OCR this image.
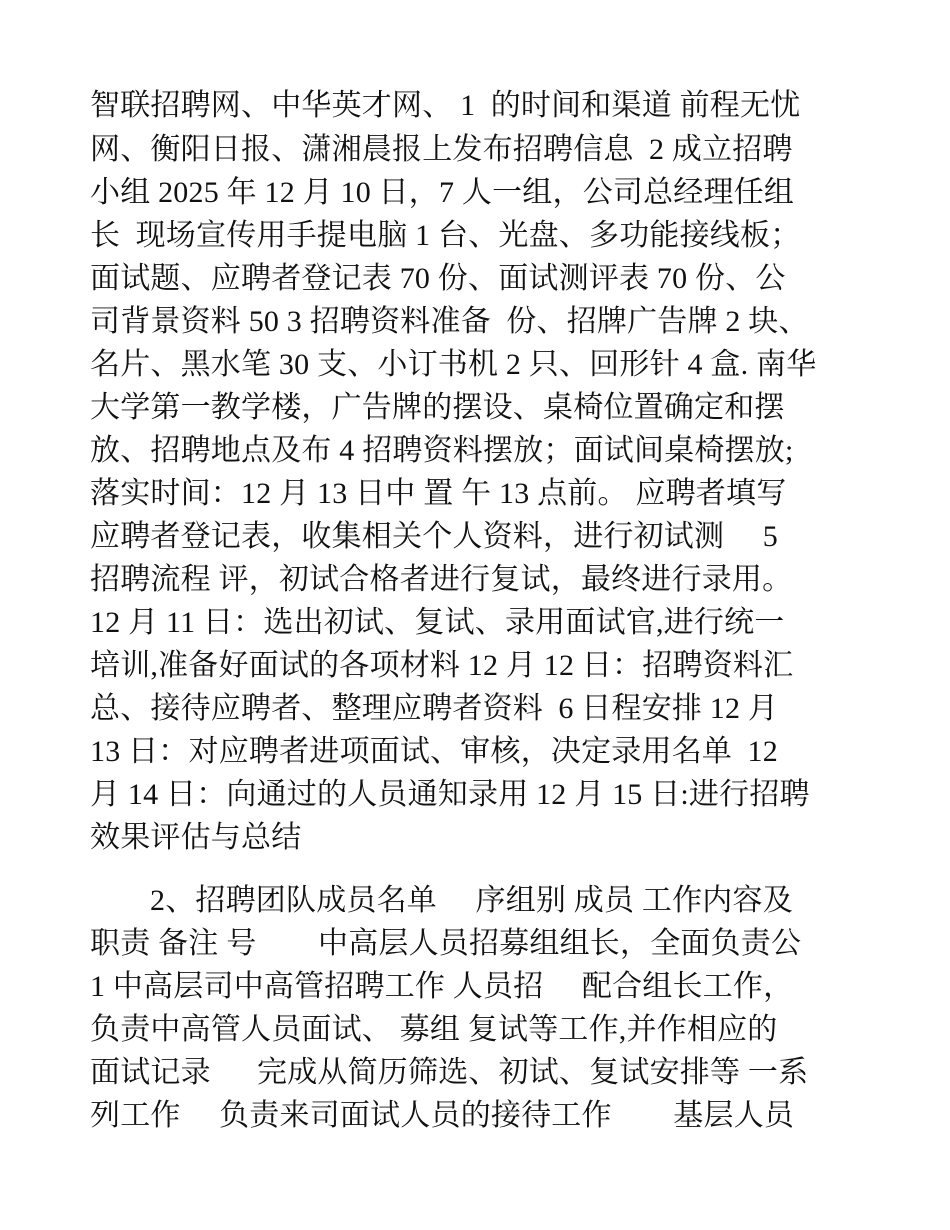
智联招聘网、中华英才网、 1  的时间和渠道 前程无忧
网、衡阳日报、潇湘晨报上发布招聘信息  2 成立招聘
小组 2025 年 12 月 10 日，7 人一组，公司总经理任组
长  现场宣传用手提电脑 1 台、光盘、多功能接线板；
面试题、应聘者登记表 70 份、面试测评表 70 份、公
司背景资料 50 3 招聘资料准备  份、招牌广告牌 2 块、
名片、黑水笔 30 支、小订书机 2 只、回形针 4 盒. 南华
大学第一教学楼，广告牌的摆设、桌椅位置确定和摆
放、招聘地点及布 4 招聘资料摆放；面试间桌椅摆放;
落实时间：12 月 13 日中 置 午 13 点前。 应聘者填写
应聘者登记表，收集相关个人资料，进行初试测     5
招聘流程 评，初试合格者进行复试，最终进行录用。
12 月 11 日：选出初试、复试、录用面试官,进行统一
培训,准备好面试的各项材料 12 月 12 日：招聘资料汇
总、接待应聘者、整理应聘者资料  6 日程安排 12 月
13 日：对应聘者进项面试、审核，决定录用名单  12
月 14 日：向通过的人员通知录用 12 月 15 日:进行招聘
效果评估与总结
2、招聘团队成员名单     序组别 成员 工作内容及
职责 备注 号        中高层人员招募组组长，全面负责公
1 中高层司中高管招聘工作 人员招     配合组长工作，
负责中高管人员面试、 募组 复试等工作,并作相应的
面试记录      完成从简历筛选、初试、复试安排等 一系
列工作     负责来司面试人员的接待工作        基层人员
